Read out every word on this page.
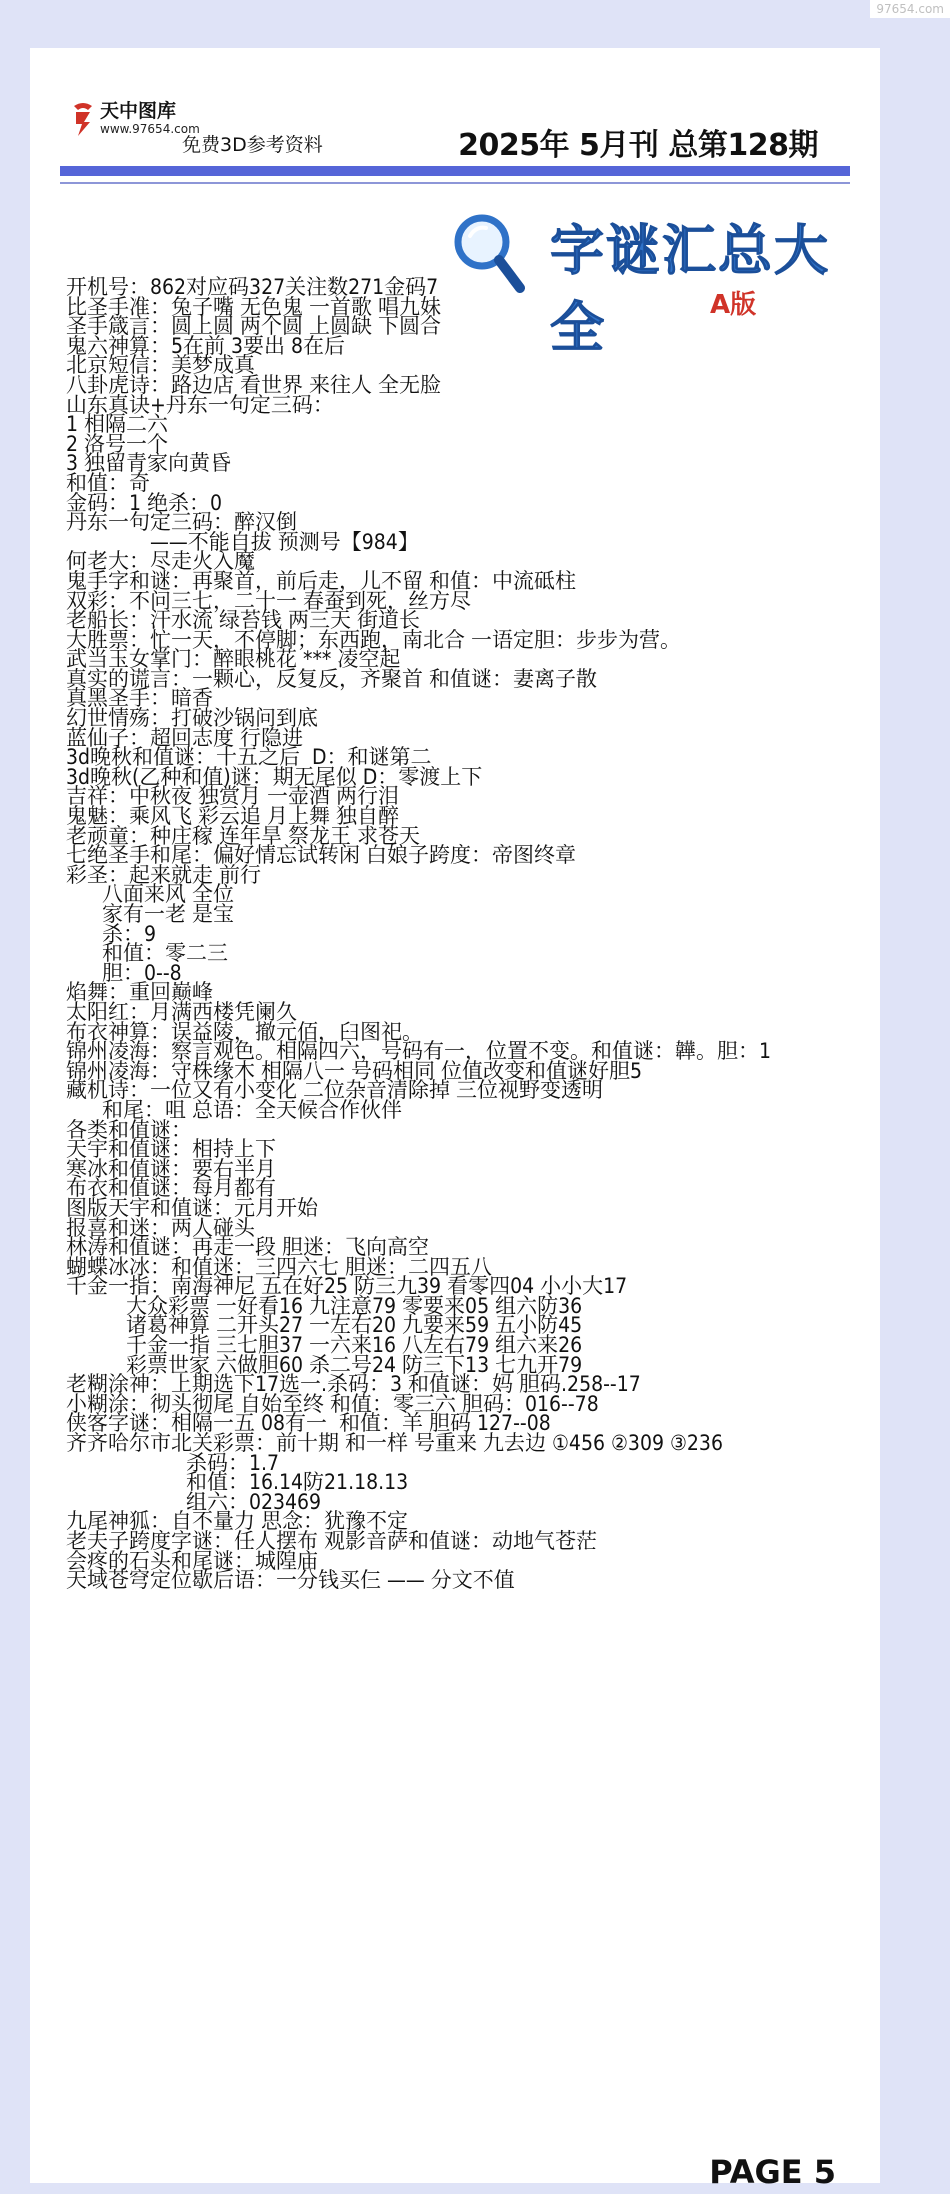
97654.com
天中图库
www.97654.com
免费3D参考资料	2025年 5月刊 总第128期
字谜汇总大全	A版
开机号：862对应码327关注数271金码7
比圣手准：兔子嘴 无色鬼 一首歌 唱九妹
圣手箴言：圆上圆 两个圆 上圆缺 下圆合
鬼六神算：5在前 3要出 8在后
北京短信：美梦成真
八卦虎诗：路边店 看世界 来往人 全无脸
山东真诀+丹东一句定三码：
1 相隔二六
2 洛号一个
3 独留青家向黄昏
和值：奇
金码：1 绝杀：0
丹东一句定三码：醉汉倒
——不能自拔 预测号【984】
何老大：尽走火入魔
鬼手字和谜：再聚首，前后走，儿不留 和值：中流砥柱
双彩：不问三七，二十一 春蚕到死，丝方尽
老船长：汗水流 绿苔钱 两三天 街道长
大胜票：忙一天，不停脚；东西跑，南北合 一语定胆：步步为营。
武当玉女掌门：醉眼桃花 *** 凌空起
真实的谎言：一颗心，反复反，齐聚首 和值谜：妻离子散
真黑圣手：暗香
幻世情殇：打破沙锅问到底
蓝仙子：超回志度 行隐进
3d晚秋和值谜：十五之后  D：和谜第二
3d晚秋(乙种和值)谜：期无尾似 D：零渡上下
吉祥：中秋夜 独赏月 一壶酒 两行泪
鬼魅：乘风飞 彩云追 月上舞 独自醉
老顽童：种庄稼 连年旱 祭龙王 求苍天
七绝圣手和尾：偏好情忘试转闲 白娘子跨度：帝图终章
彩圣：起来就走 前行
八面来风 全位
家有一老 是宝
杀：9
和值：零二三
胆：0--8
焰舞：重回巅峰
太阳红：月满西楼凭阑久
布衣神算：误益陵，撤元佰，臼图祀。
锦州凌海：察言观色。相隔四六，号码有一，位置不变。和值谜：韡。胆：1
锦州凌海：守株缘木 相隔八一 号码相同 位值改变和值谜好胆5
藏机诗：一位又有小变化 二位杂音清除掉 三位视野变透明
和尾：咀 总语：全天候合作伙伴
各类和值谜：
天宇和值谜：相持上下
寒冰和值谜：要右半月
布衣和值谜：每月都有
图版天宇和值谜：元月开始
报喜和迷：两人碰头
林涛和值谜：再走一段 胆迷：飞向高空
蝴蝶冰冰：和值迷：三四六七 胆迷：二四五八
千金一指：南海神尼 五在好25 防三九39 看零四04 小小大17
大众彩票 一好看16 九注意79 零要来05 组六防36
诸葛神算 二开头27 一左右20 九要来59 五小防45
千金一指 三七胆37 一六来16 八左右79 组六来26
彩票世家 六做胆60 杀二号24 防三下13 七九开79
老糊涂神：上期选下17选一.杀码：3 和值谜：妈 胆码.258--17
小糊涂：彻头彻尾 自始至终 和值：零三六 胆码：016--78
侠客字谜：相隔一五 08有一  和值：羊 胆码 127--08
齐齐哈尔市北关彩票：前十期 和一样 号重来 九去边 ①456 ②309 ③236
杀码：1.7
和值：16.14防21.18.13
组六：023469
九尾神狐：自不量力 思念：犹豫不定
老夫子跨度字谜：任人摆布 观影音萨和值谜：动地气苍茫
会疼的石头和尾谜：城隍庙
天域苍穹定位歇后语：一分钱买仨 —— 分文不值
PAGE 5
